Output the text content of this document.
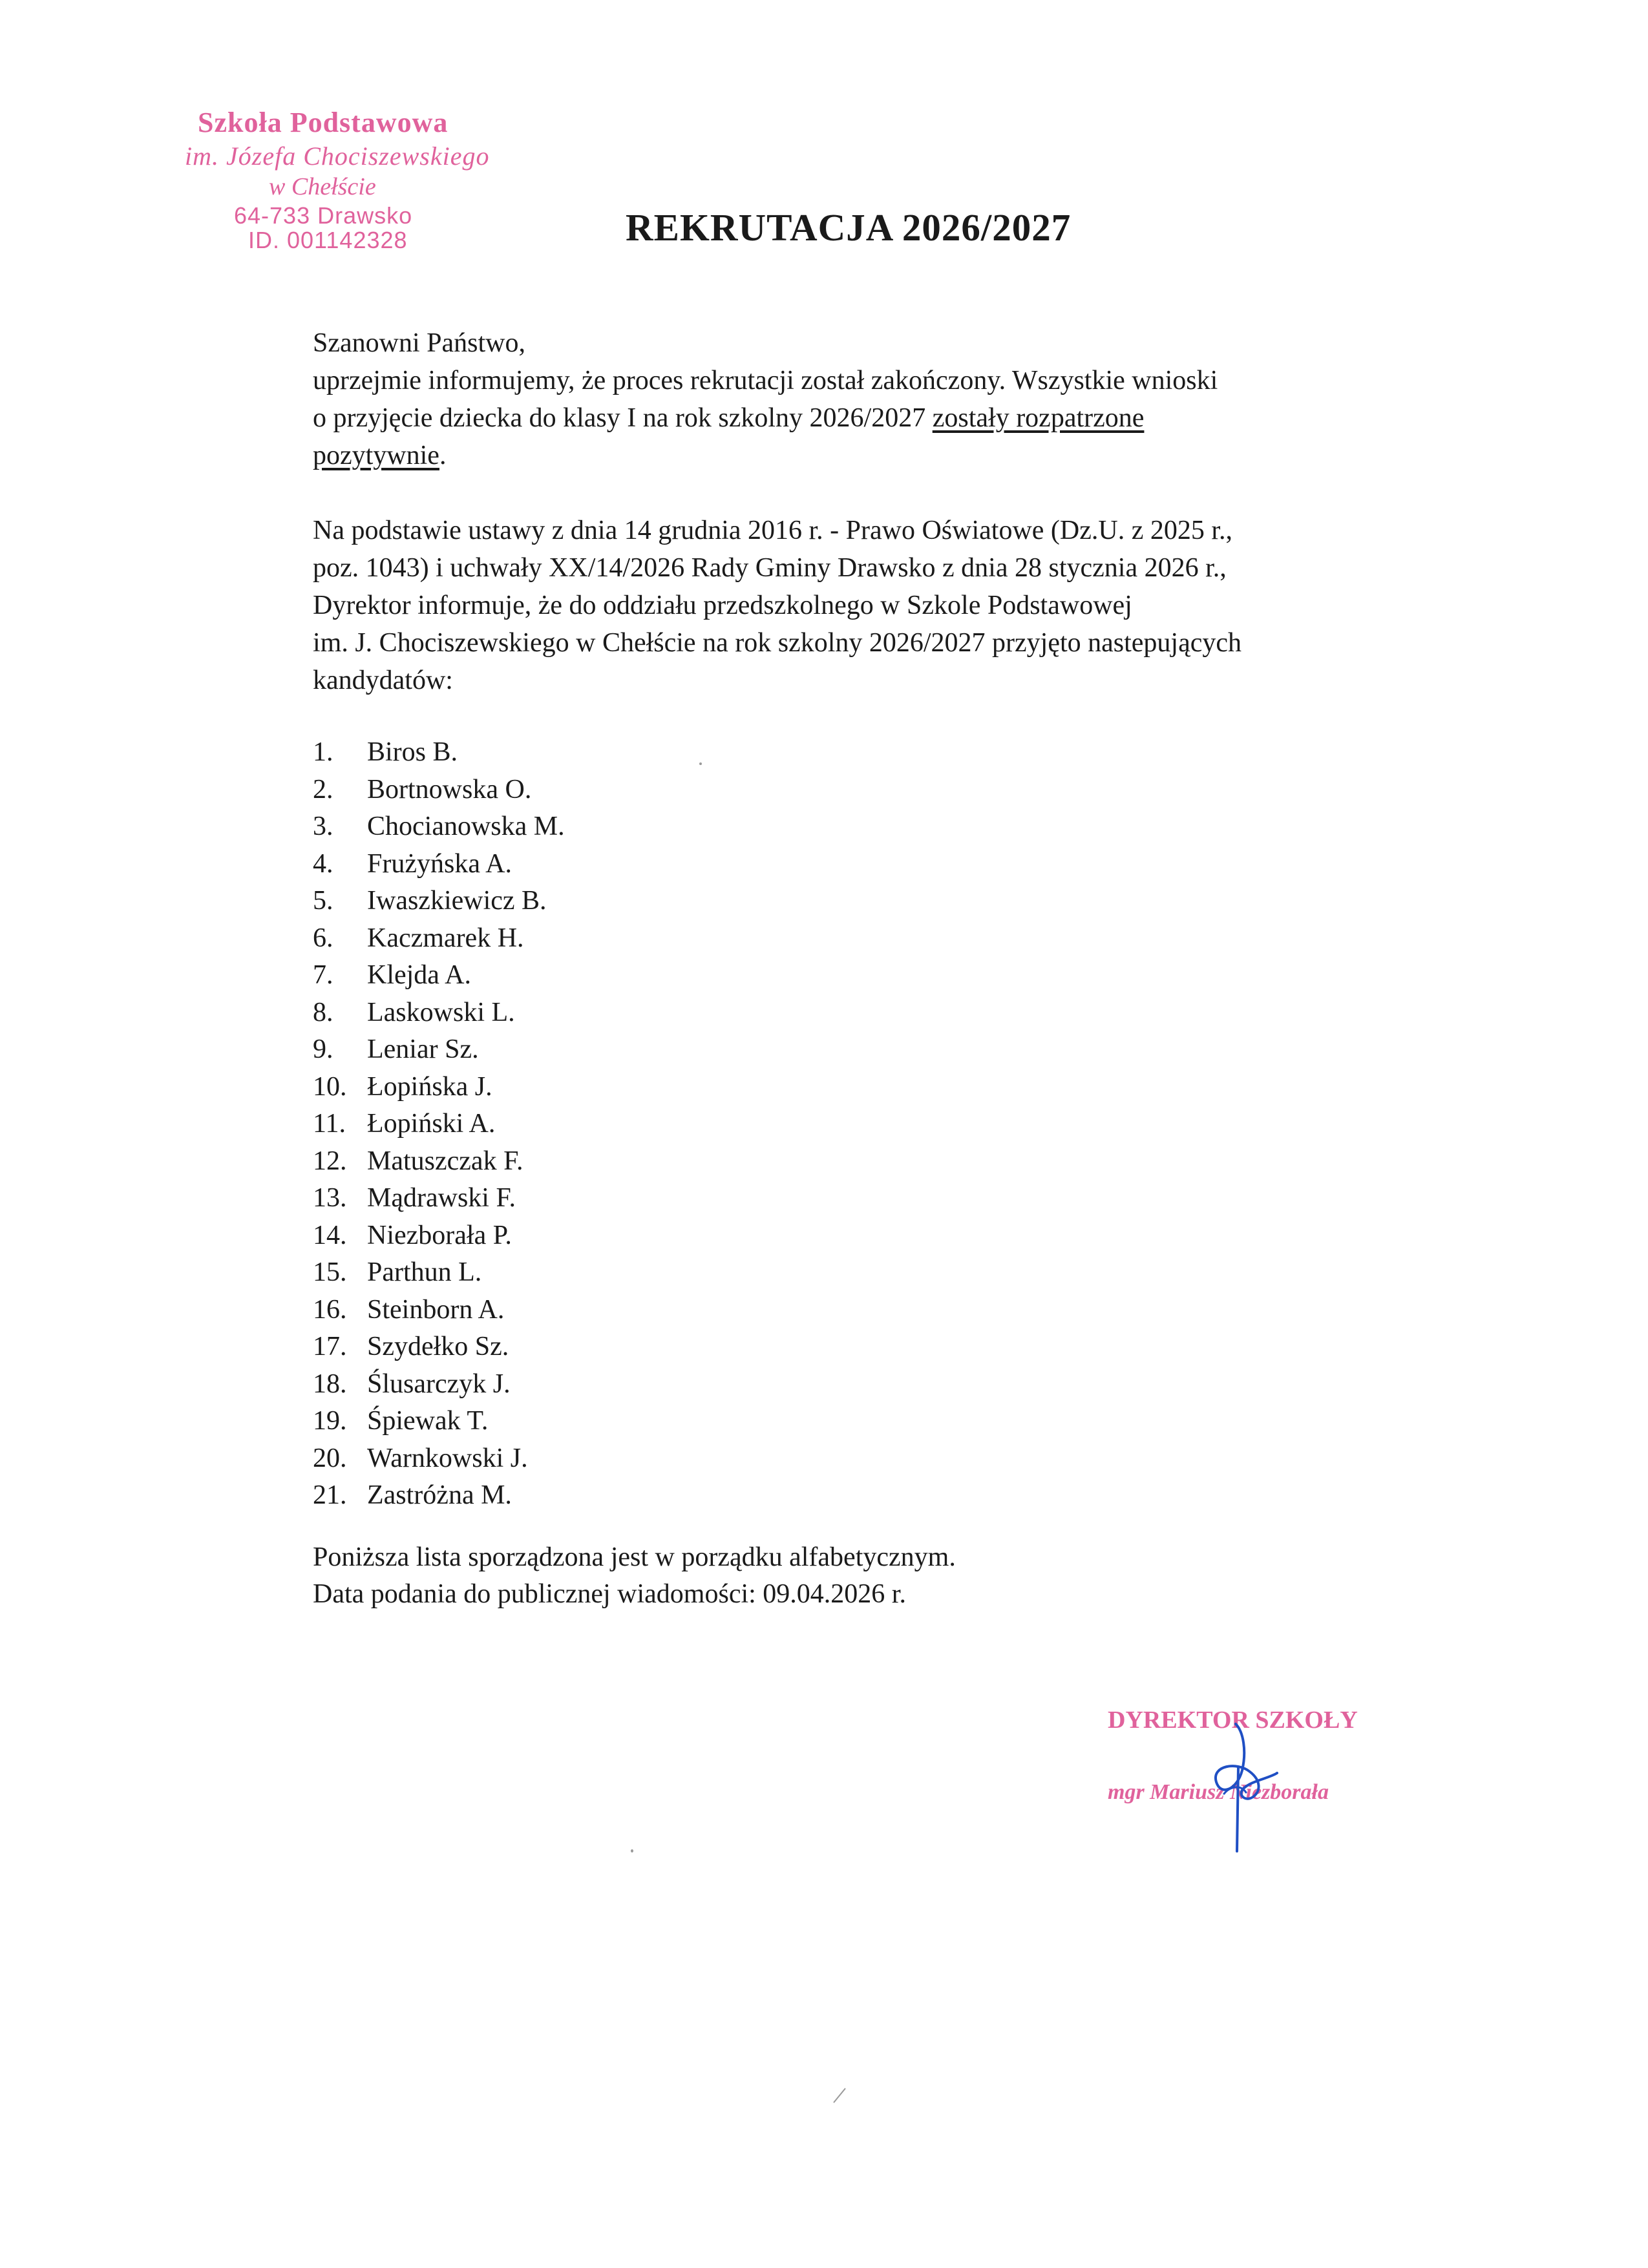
Szkoła Podstawowa
im. Józefa Chociszewskiego
w Chełście
64-733 Drawsko
ID. 001142328	REKRUTACJA 2026/2027
Szanowni Państwo,
uprzejmie informujemy, że proces rekrutacji został zakończony. Wszystkie wnioski
o przyjęcie dziecka do klasy I na rok szkolny 2026/2027 zostały rozpatrzone
pozytywnie.
Na podstawie ustawy z dnia 14 grudnia 2016 r. - Prawo Oświatowe (Dz.U. z 2025 r.,
poz. 1043) i uchwały XX/14/2026 Rady Gminy Drawsko z dnia 28 stycznia 2026 r.,
Dyrektor informuje, że do oddziału przedszkolnego w Szkole Podstawowej
im. J. Chociszewskiego w Chełście na rok szkolny 2026/2027 przyjęto nastepujących
kandydatów:
1. Biros B.
2. Bortnowska O.
3. Chocianowska M.
4. Frużyńska A.
5. Iwaszkiewicz B.
6. Kaczmarek H.
7. Klejda A.
8. Laskowski L.
9. Leniar Sz.
10. Łopińska J.
11. Łopiński A.
12. Matuszczak F.
13. Mądrawski F.
14. Niezborała P.
15. Parthun L.
16. Steinborn A.
17. Szydełko Sz.
18. Ślusarczyk J.
19. Śpiewak T.
20. Warnkowski J.
21. Zastróżna M.
Poniższa lista sporządzona jest w porządku alfabetycznym.
Data podania do publicznej wiadomości: 09.04.2026 r.
DYREKTOR SZKOŁY
mgr Mariusz Niezborała
